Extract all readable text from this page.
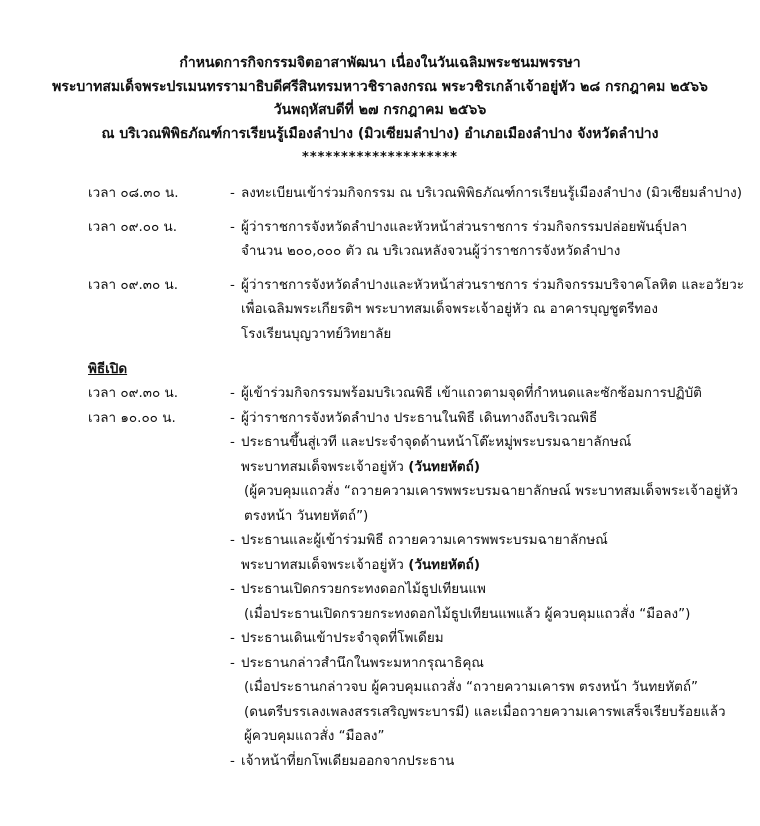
กำหนดการกิจกรรมจิตอาสาพัฒนา เนื่องในวันเฉลิมพระชนมพรรษา
พระบาทสมเด็จพระปรเมนทรรามาธิบดีศรีสินทรมหาวชิราลงกรณ พระวชิรเกล้าเจ้าอยู่หัว ๒๘ กรกฎาคม ๒๕๖๖
วันพฤหัสบดีที่ ๒๗ กรกฎาคม ๒๕๖๖
ณ บริเวณพิพิธภัณฑ์การเรียนรู้เมืองลำปาง (มิวเซียมลำปาง) อำเภอเมืองลำปาง จังหวัดลำปาง
********************
เวลา ๐๘.๓๐ น.	- ลงทะเบียนเข้าร่วมกิจกรรม ณ บริเวณพิพิธภัณฑ์การเรียนรู้เมืองลำปาง (มิวเซียมลำปาง)
เวลา ๐๙.๐๐ น.	- ผู้ว่าราชการจังหวัดลำปางและหัวหน้าส่วนราชการ ร่วมกิจกรรมปล่อยพันธุ์ปลา
จำนวน ๒๐๐,๐๐๐ ตัว ณ บริเวณหลังจวนผู้ว่าราชการจังหวัดลำปาง
เวลา ๐๙.๓๐ น.	- ผู้ว่าราชการจังหวัดลำปางและหัวหน้าส่วนราชการ ร่วมกิจกรรมบริจาคโลหิต และอวัยวะ
เพื่อเฉลิมพระเกียรติฯ พระบาทสมเด็จพระเจ้าอยู่หัว ณ อาคารบุญชูตรีทอง
โรงเรียนบุญวาทย์วิทยาลัย
พิธีเปิด
เวลา ๐๙.๓๐ น.	- ผู้เข้าร่วมกิจกรรมพร้อมบริเวณพิธี เข้าแถวตามจุดที่กำหนดและซักซ้อมการปฏิบัติ
เวลา ๑๐.๐๐ น.	- ผู้ว่าราชการจังหวัดลำปาง ประธานในพิธี เดินทางถึงบริเวณพิธี
- ประธานขึ้นสู่เวที และประจำจุดด้านหน้าโต๊ะหมู่พระบรมฉายาลักษณ์
พระบาทสมเด็จพระเจ้าอยู่หัว (วันทยหัตถ์)
(ผู้ควบคุมแถวสั่ง “ถวายความเคารพพระบรมฉายาลักษณ์ พระบาทสมเด็จพระเจ้าอยู่หัว
ตรงหน้า วันทยหัตถ์”)
- ประธานและผู้เข้าร่วมพิธี ถวายความเคารพพระบรมฉายาลักษณ์
พระบาทสมเด็จพระเจ้าอยู่หัว (วันทยหัตถ์)
- ประธานเปิดกรวยกระทงดอกไม้ธูปเทียนแพ
(เมื่อประธานเปิดกรวยกระทงดอกไม้ธูปเทียนแพแล้ว ผู้ควบคุมแถวสั่ง “มือลง”)
- ประธานเดินเข้าประจำจุดที่โพเดียม
- ประธานกล่าวสำนึกในพระมหากรุณาธิคุณ
(เมื่อประธานกล่าวจบ ผู้ควบคุมแถวสั่ง “ถวายความเคารพ ตรงหน้า วันทยหัตถ์”
(ดนตรีบรรเลงเพลงสรรเสริญพระบารมี) และเมื่อถวายความเคารพเสร็จเรียบร้อยแล้ว
ผู้ควบคุมแถวสั่ง “มือลง”
- เจ้าหน้าที่ยกโพเดียมออกจากประธาน
